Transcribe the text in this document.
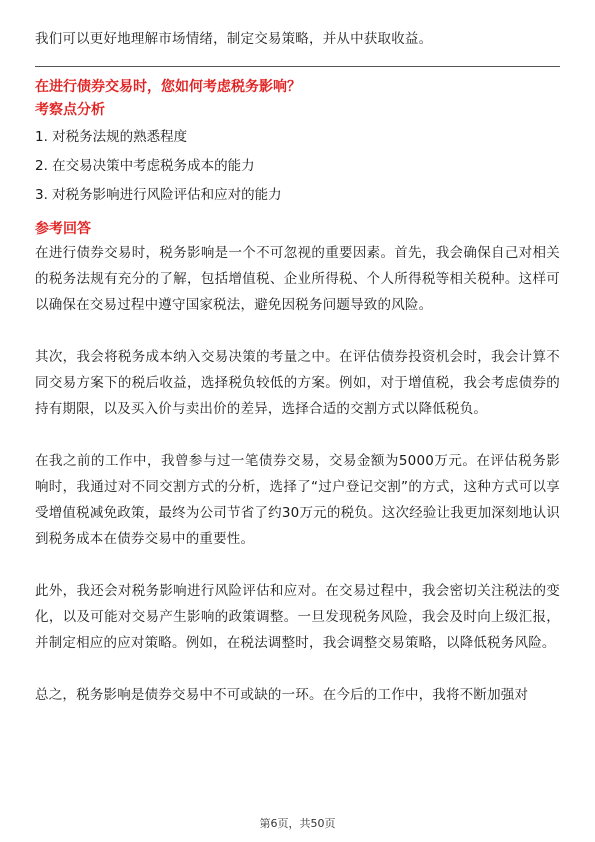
我们可以更好地理解市场情绪，制定交易策略，并从中获取收益。

在进行债券交易时，您如何考虑税务影响？

考察点分析

1. 对税务法规的熟悉程度
2. 在交易决策中考虑税务成本的能力
3. 对税务影响进行风险评估和应对的能力

参考回答

在进行债券交易时，税务影响是一个不可忽视的重要因素。首先，我会确保自己对相关的税务法规有充分的了解，包括增值税、企业所得税、个人所得税等相关税种。这样可以确保在交易过程中遵守国家税法，避免因税务问题导致的风险。

其次，我会将税务成本纳入交易决策的考量之中。在评估债券投资机会时，我会计算不同交易方案下的税后收益，选择税负较低的方案。例如，对于增值税，我会考虑债券的持有期限，以及买入价与卖出价的差异，选择合适的交割方式以降低税负。

在我之前的工作中，我曾参与过一笔债券交易，交易金额为5000万元。在评估税务影响时，我通过对不同交割方式的分析，选择了“过户登记交割”的方式，这种方式可以享受增值税减免政策，最终为公司节省了约30万元的税负。这次经验让我更加深刻地认识到税务成本在债券交易中的重要性。

此外，我还会对税务影响进行风险评估和应对。在交易过程中，我会密切关注税法的变化，以及可能对交易产生影响的政策调整。一旦发现税务风险，我会及时向上级汇报，并制定相应的应对策略。例如，在税法调整时，我会调整交易策略，以降低税务风险。

总之，税务影响是债券交易中不可或缺的一环。在今后的工作中，我将不断加强对

第6页，共50页
